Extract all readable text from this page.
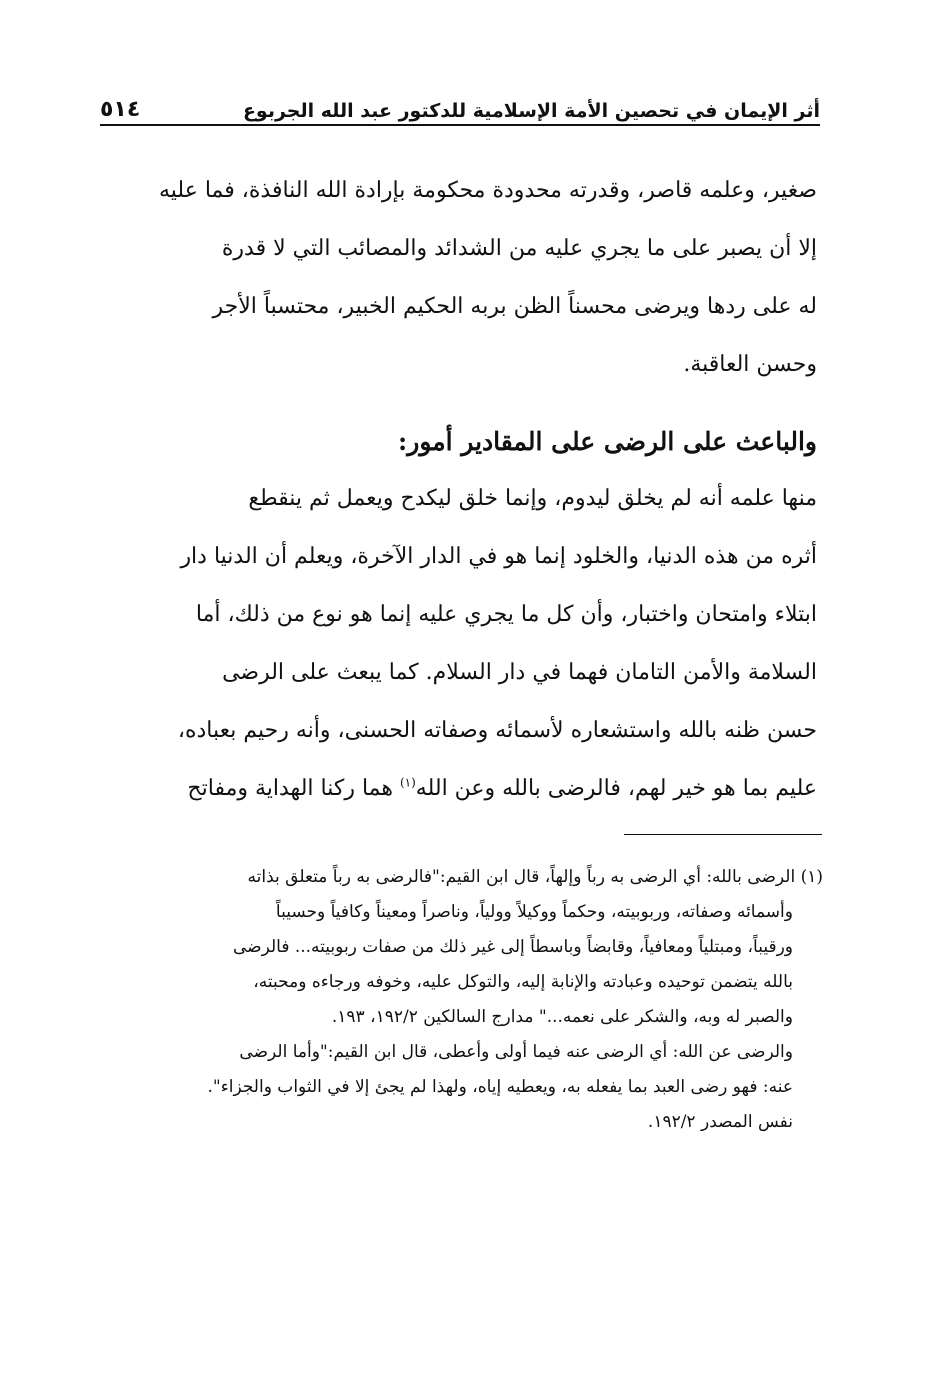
أثر الإيمان في تحصين الأمة الإسلامية للدكتور عبد الله الجربوع
٥١٤

صغير، وعلمه قاصر، وقدرته محدودة محكومة بإرادة الله النافذة، فما عليه

إلا أن يصبر على ما يجري عليه من الشدائد والمصائب التي لا قدرة

له على ردها ويرضى محسناً الظن بربه الحكيم الخبير، محتسباً الأجر

وحسن العاقبة.

والباعث على الرضى على المقادير أمور:

منها علمه أنه لم يخلق ليدوم، وإنما خلق ليكدح ويعمل ثم ينقطع

أثره من هذه الدنيا، والخلود إنما هو في الدار الآخرة، ويعلم أن الدنيا دار

ابتلاء وامتحان واختبار، وأن كل ما يجري عليه إنما هو نوع من ذلك، أما

السلامة والأمن التامان فهما في دار السلام. كما يبعث على الرضى

حسن ظنه بالله واستشعاره لأسمائه وصفاته الحسنى، وأنه رحيم بعباده،

عليم بما هو خير لهم، فالرضى بالله وعن الله$^{(١)}$ هما ركنا الهداية ومفاتح

(١) الرضى بالله: أي الرضى به رباً وإلهاً، قال ابن القيم:"فالرضى به رباً متعلق بذاته
وأسمائه وصفاته، وربوبيته، وحكماً ووكيلاً وولياً، وناصراً ومعيناً وكافياً وحسيباً
ورقيباً، ومبتلياً ومعافياً، وقابضاً وباسطاً إلى غير ذلك من صفات ربوبيته... فالرضى
بالله يتضمن توحيده وعبادته والإنابة إليه، والتوكل عليه، وخوفه ورجاءه ومحبته،
والصبر له وبه، والشكر على نعمه..." مدارج السالكين ١٩٢/٢، ١٩٣.

والرضى عن الله: أي الرضى عنه فيما أولى وأعطى، قال ابن القيم:"وأما الرضى
عنه: فهو رضى العبد بما يفعله به، ويعطيه إياه، ولهذا لم يجئ إلا في الثواب والجزاء".
نفس المصدر ١٩٢/٢.
